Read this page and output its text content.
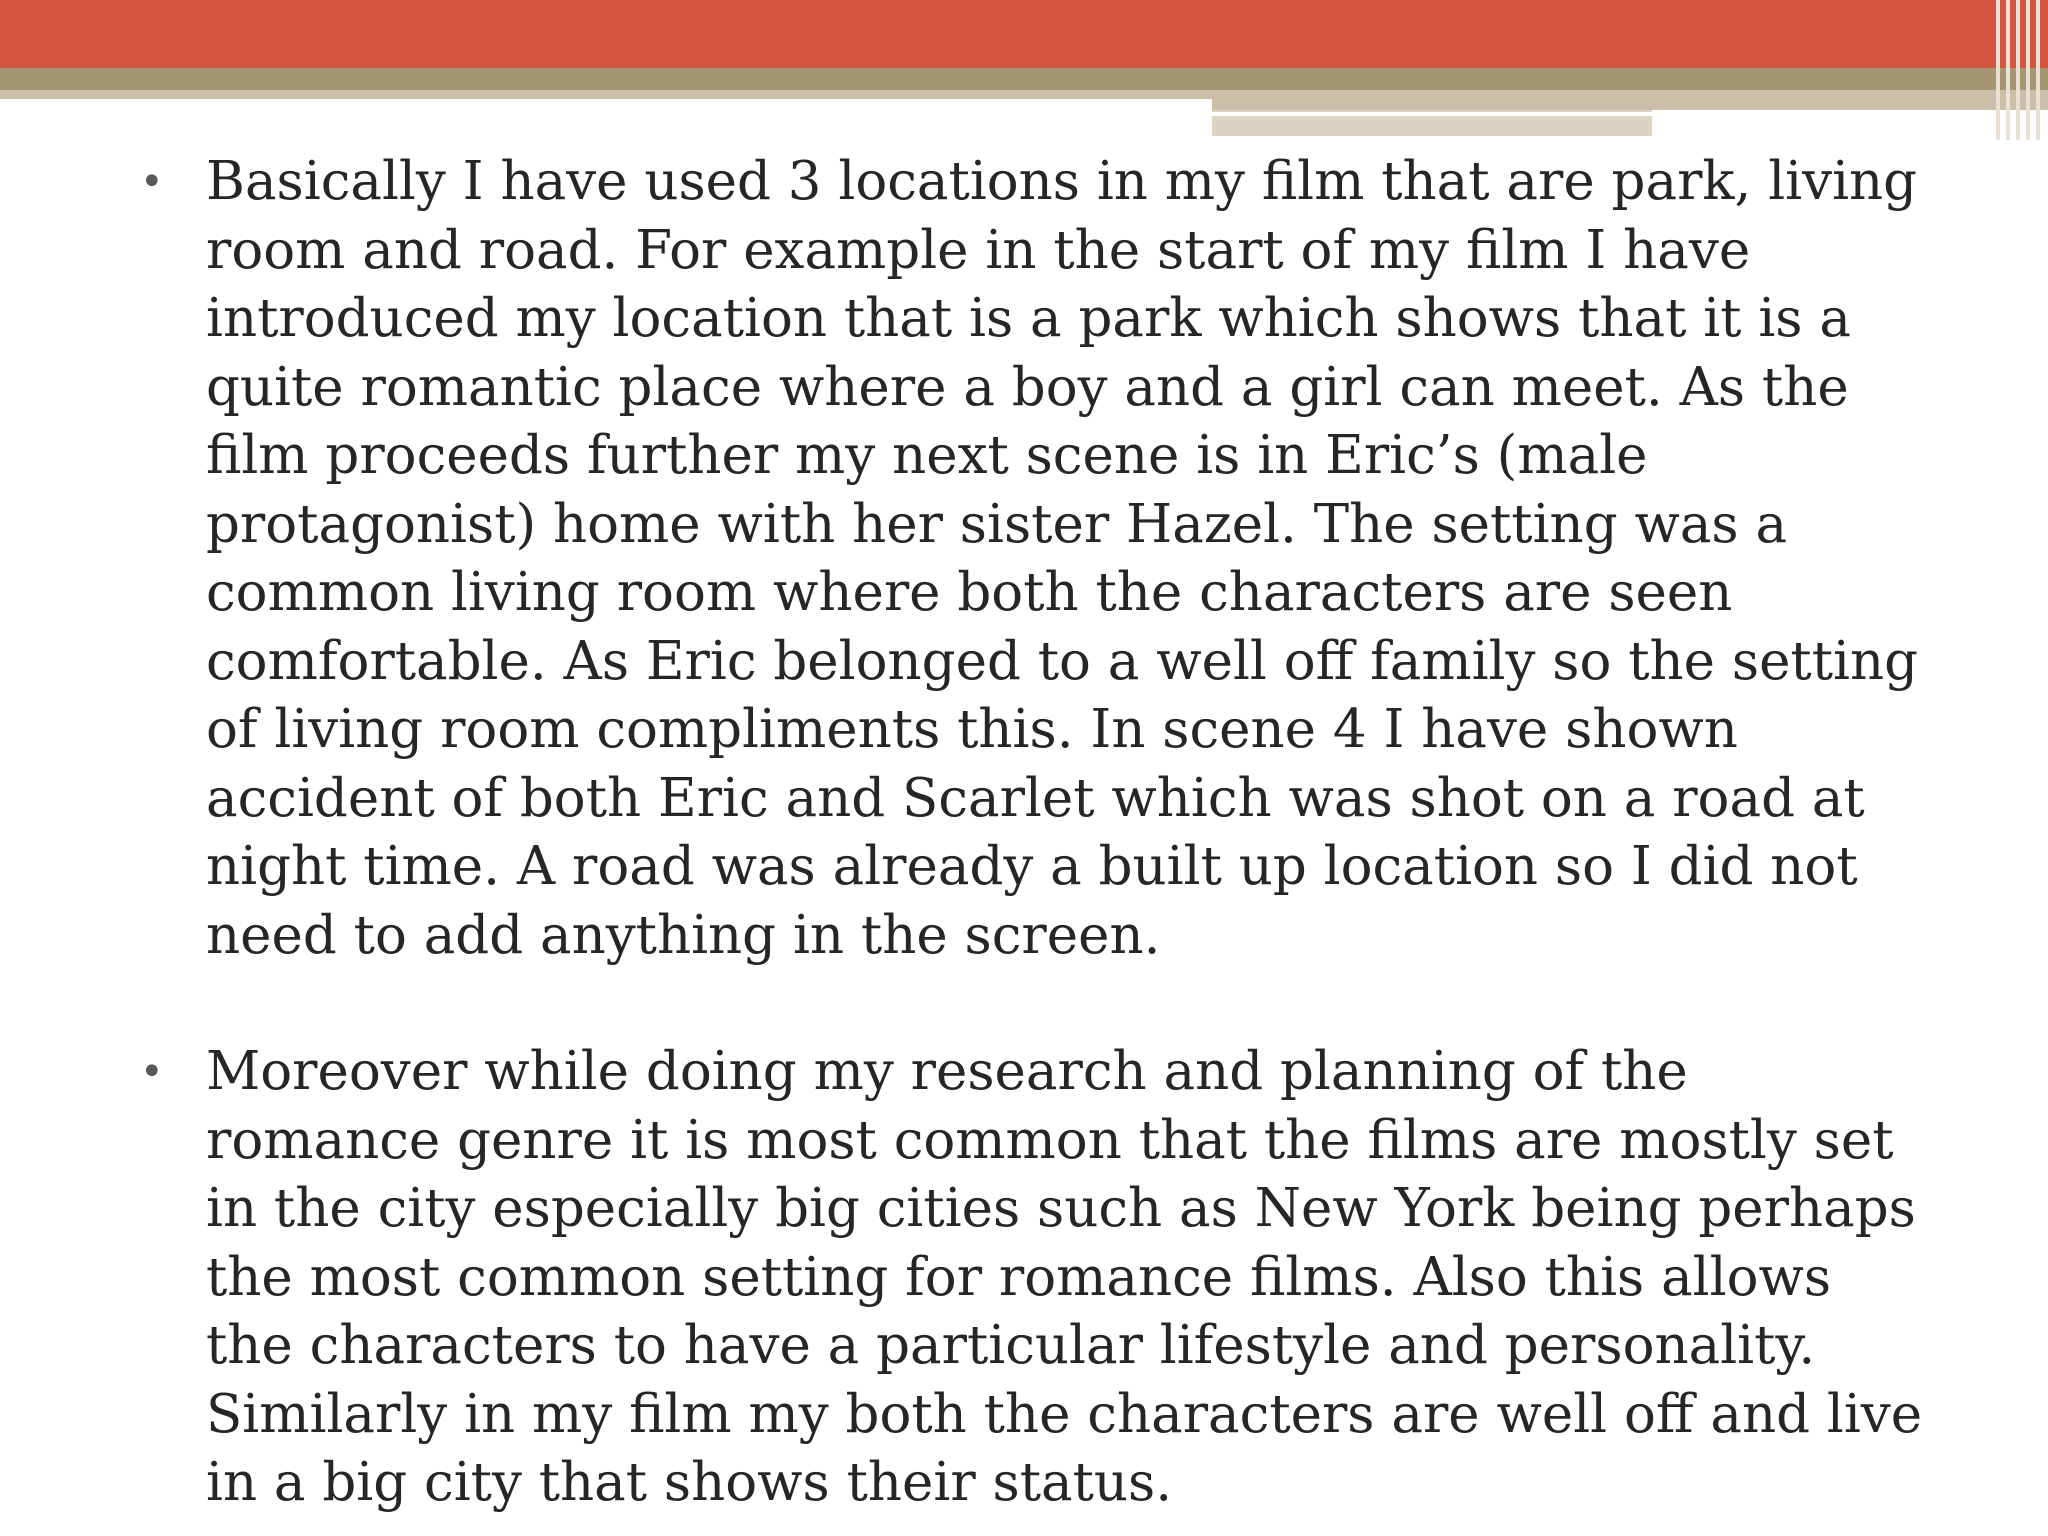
• Basically I have used 3 locations in my film that are park, living room and road. For example in the start of my film I have introduced my location that is a park which shows that it is a quite romantic place where a boy and a girl can meet. As the film proceeds further my next scene is in Eric’s (male protagonist) home with her sister Hazel. The setting was a common living room where both the characters are seen comfortable. As Eric belonged to a well off family so the setting of living room compliments this. In scene 4 I have shown accident of both Eric and Scarlet which was shot on a road at night time. A road was already a built up location so I did not need to add anything in the screen.

• Moreover while doing my research and planning of the romance genre it is most common that the films are mostly set in the city especially big cities such as New York being perhaps the most common setting for romance films. Also this allows the characters to have a particular lifestyle and personality. Similarly in my film my both the characters are well off and live in a big city that shows their status.
